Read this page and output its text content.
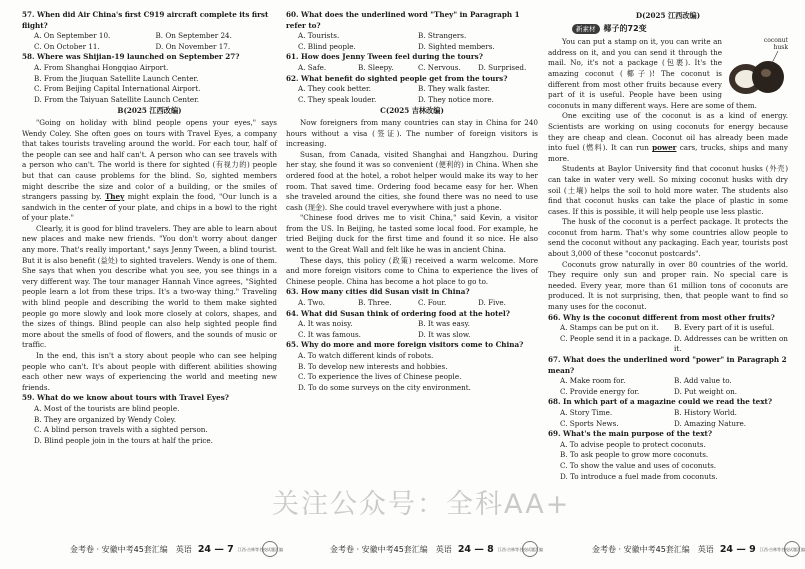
57. When did Air China's first C919 aircraft complete its first flight?

A. On September 10.	B. On September 24.
C. On October 11.	D. On November 17.

58. Where was Shijian-19 launched on September 27?

A. From Shanghai Hongqiao Airport.

B. From the Jiuquan Satellite Launch Center.

C. From Beijing Capital International Airport.

D. From the Taiyuan Satellite Launch Center.

B(2025 江西改编)

"Going on holiday with blind people opens your eyes," says Wendy Coley. She often goes on tours with Travel Eyes, a company that takes tourists traveling around the world. For each tour, half of the people can see and half can't. A person who can see travels with a person who can't. The world is there for sighted (有视力的) people but that can cause problems for the blind. So, sighted members might describe the size and color of a building, or the smiles of strangers passing by. They might explain the food, "Our lunch is a sandwich in the center of your plate, and chips in a bowl to the right of your plate."

Clearly, it is good for blind travelers. They are able to learn about new places and make new friends. "You don't worry about danger any more. That's really important," says Jenny Tween, a blind tourist. But it is also benefit (益处) to sighted travelers. Wendy is one of them. She says that when you describe what you see, you see things in a very different way. The tour manager Hannah Vince agrees, "Sighted people learn a lot from these trips. It's a two-way thing." Traveling with blind people and describing the world to them make sighted people go more slowly and look more closely at colors, shapes, and the sizes of things. Blind people can also help sighted people find more about the smells of food of flowers, and the sounds of music or traffic.

In the end, this isn't a story about people who can see helping people who can't. It's about people with different abilities showing each other new ways of experiencing the world and meeting new friends.

59. What do we know about tours with Travel Eyes?

A. Most of the tourists are blind people.

B. They are organized by Wendy Coley.

C. A blind person travels with a sighted person.

D. Blind people join in the tours at half the price.

60. What does the underlined word "They" in Paragraph 1 refer to?

A. Tourists.	B. Strangers.
C. Blind people.	D. Sighted members.

61. How does Jenny Tween feel during the tours?

A. Safe.	B. Sleepy.	C. Nervous.	D. Surprised.

62. What benefit do sighted people get from the tours?

A. They cook better.	B. They walk faster.
C. They speak louder.	D. They notice more.

C(2025 吉林改编)

Now foreigners from many countries can stay in China for 240 hours without a visa (签证). The number of foreign visitors is increasing.

Susan, from Canada, visited Shanghai and Hangzhou. During her stay, she found it was so convenient (便利的) in China. When she ordered food at the hotel, a robot helper would make its way to her room. That saved time. Ordering food became easy for her. When she traveled around the cities, she found there was no need to use cash (现金). She could travel everywhere with just a phone.

"Chinese food drives me to visit China," said Kevin, a visitor from the US. In Beijing, he tasted some local food. For example, he tried Beijing duck for the first time and found it so nice. He also went to the Great Wall and felt like he was in ancient China.

These days, this policy (政策) received a warm welcome. More and more foreign visitors come to China to experience the lives of Chinese people. China has become a hot place to go to.

63. How many cities did Susan visit in China?

A. Two.	B. Three.	C. Four.	D. Five.

64. What did Susan think of ordering food at the hotel?

A. It was noisy.	B. It was easy.
C. It was famous.	D. It was slow.

65. Why do more and more foreign visitors come to China?

A. To watch different kinds of robots.

B. To develop new interests and hobbies.

C. To experience the lives of Chinese people.

D. To do some surveys on the city environment.

D(2025 江西改编)

新素材	椰子的72变
coconut
husk

You can put a stamp on it, you can write an address on it, and you can send it through the mail. No, it's not a package (包裹). It's the amazing coconut (椰子)! The coconut is different from most other fruits because every part of it is useful. People have been using coconuts in many different ways. Here are some of them.

One exciting use of the coconut is as a kind of energy. Scientists are working on using coconuts for energy because they are cheap and clean. Coconut oil has already been made into fuel (燃料). It can run power cars, trucks, ships and many more.

Students at Baylor University find that coconut husks (外壳) can take in water very well. So mixing coconut husks with dry soil (土壤) helps the soil to hold more water. The students also find that coconut husks can take the place of plastic in some cases. If this is possible, it will help people use less plastic.

The husk of the coconut is a perfect package. It protects the coconut from harm. That's why some countries allow people to send the coconut without any packaging. Each year, tourists post about 3,000 of these "coconut postcards".

Coconuts grow naturally in over 80 countries of the world. They require only sun and proper rain. No special care is needed. Every year, more than 61 million tons of coconuts are produced. It is not surprising, then, that people want to find so many uses for the coconut.

66. Why is the coconut different from most other fruits?

A. Stamps can be put on it.	B. Every part of it is useful.
C. People send it in a package. D. Addresses can be written on it.

67. What does the underlined word "power" in Paragraph 2 mean?

A. Make room for.	B. Add value to.
C. Provide energy for.	D. Put weight on.

68. In which part of a magazine could we read the text?

A. Story Time.	B. History World.
C. Sports News.	D. Amazing Nature.

69. What's the main purpose of the text?

A. To advise people to protect coconuts.

B. To ask people to grow more coconuts.

C. To show the value and uses of coconuts.

D. To introduce a fuel made from coconuts.

关注公众号：全科AA+
金考卷 · 安徽中考45套汇编 英语 24 — 7 江西·吉林等名校试题汇编	金考卷 · 安徽中考45套汇编 英语 24 — 8 江西·吉林等名校试题汇编	金考卷 · 安徽中考45套汇编 英语 24 — 9 江西·吉林等名校试题汇编
